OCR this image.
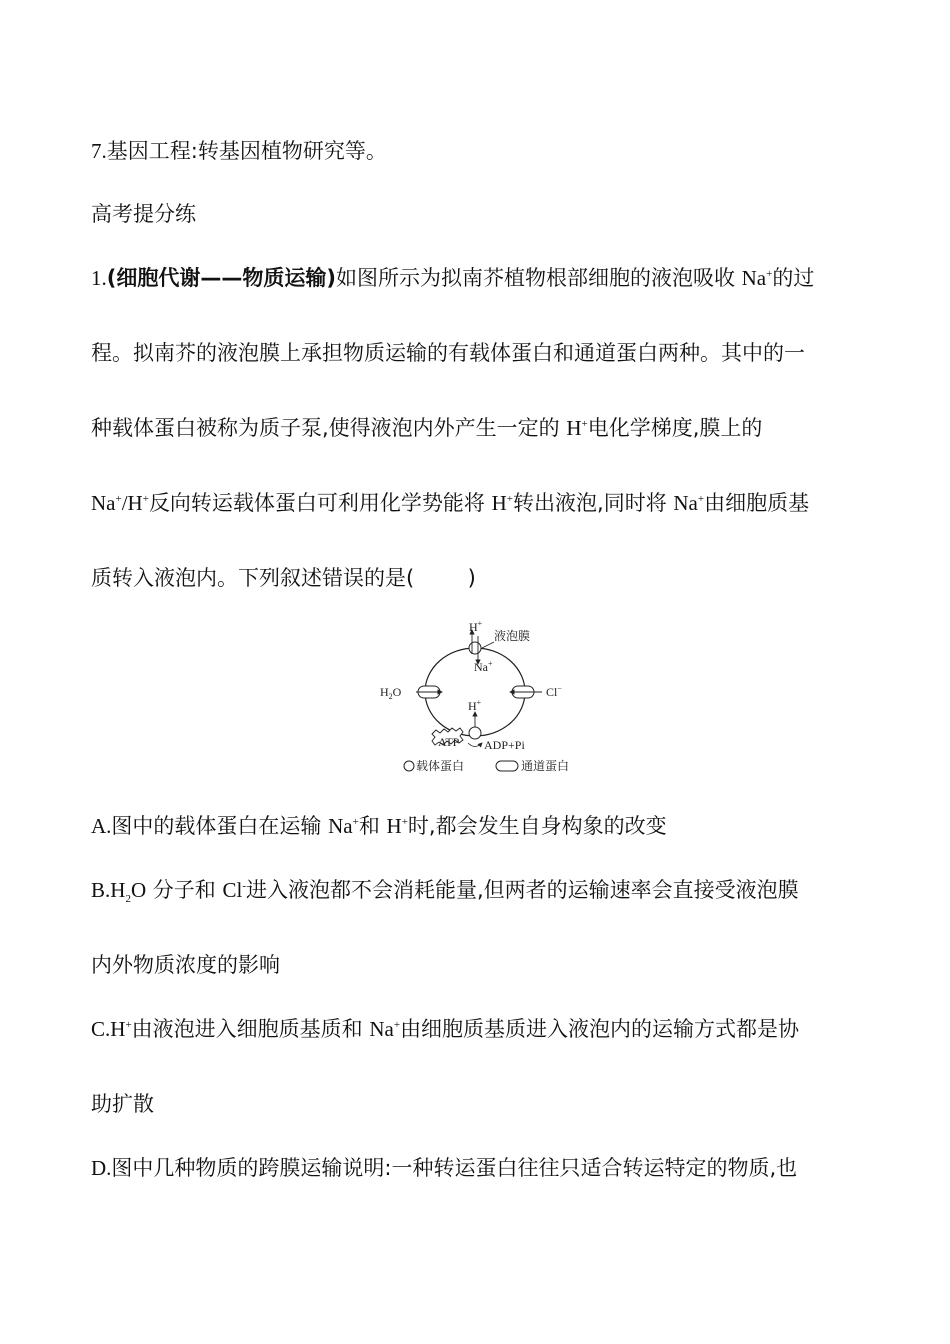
7.基因工程:转基因植物研究等。
高考提分练
1.(细胞代谢——物质运输)如图所示为拟南芥植物根部细胞的液泡吸收 Na+的过
程。拟南芥的液泡膜上承担物质运输的有载体蛋白和通道蛋白两种。其中的一
种载体蛋白被称为质子泵,使得液泡内外产生一定的 H+电化学梯度,膜上的
Na+/H+反向转运载体蛋白可利用化学势能将 H+转出液泡,同时将 Na+由细胞质基
质转入液泡内。下列叙述错误的是(	)
H+
Na+
液泡膜
$H_2O$	Cl−
H+
ATP ADP+Pi
载体蛋白	通道蛋白
A.图中的载体蛋白在运输 Na+和 H+时,都会发生自身构象的改变
$B.H_2O$ 分子和 Cl-进入液泡都不会消耗能量,但两者的运输速率会直接受液泡膜
内外物质浓度的影响
C.H+由液泡进入细胞质基质和 Na+由细胞质基质进入液泡内的运输方式都是协
助扩散
D.图中几种物质的跨膜运输说明:一种转运蛋白往往只适合转运特定的物质,也
